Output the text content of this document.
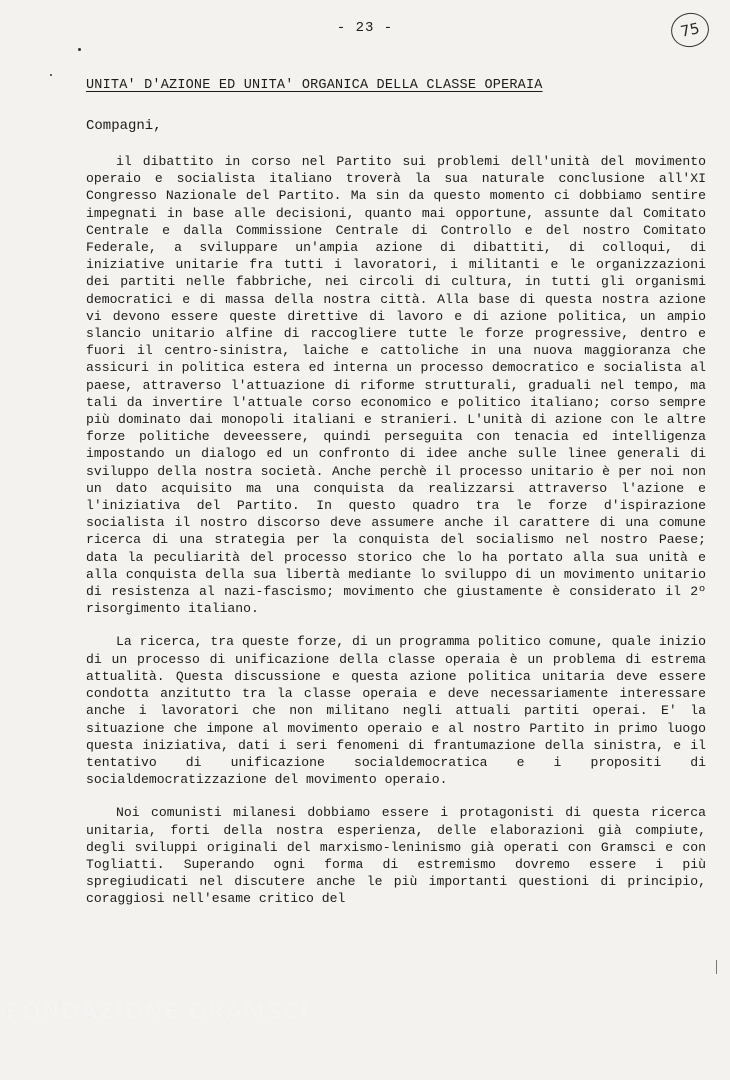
- 23 -	75
UNITA' D'AZIONE ED UNITA' ORGANICA DELLA CLASSE OPERAIA
Compagni,

il dibattito in corso nel Partito sui problemi dell'unità del movimento operaio e socialista italiano troverà la sua naturale conclusione all'XI Congresso Nazionale del Partito. Ma sin da questo momento ci dobbiamo sentire impegnati in base alle decisioni, quanto mai opportune, assunte dal Comitato Centrale e dalla Commissione Centrale di Controllo e del nostro Comitato Federale, a sviluppare un'ampia azione di dibattiti, di colloqui, di iniziative unitarie fra tutti i lavoratori, i militanti e le organizzazioni dei partiti nelle fabbriche, nei circoli di cultura, in tutti gli organismi democratici e di massa della nostra città. Alla base di questa nostra azione vi devono essere queste direttive di lavoro e di azione politica, un ampio slancio unitario alfine di raccogliere tutte le forze progressive, dentro e fuori il centro-sinistra, laiche e cattoliche in una nuova maggioranza che assicuri in politica estera ed interna un processo democratico e socialista al paese, attraverso l'attuazione di riforme strutturali, graduali nel tempo, ma tali da invertire l'attuale corso economico e politico italiano; corso sempre più dominato dai monopoli italiani e stranieri. L'unità di azione con le altre forze politiche deveessere, quindi perseguita con tenacia ed intelligenza impostando un dialogo ed un confronto di idee anche sulle linee generali di sviluppo della nostra società. Anche perchè il processo unitario è per noi non un dato acquisito ma una conquista da realizzarsi attraverso l'azione e l'iniziativa del Partito. In questo quadro tra le forze d'ispirazione socialista il nostro discorso deve assumere anche il carattere di una comune ricerca di una strategia per la conquista del socialismo nel nostro Paese; data la peculiarità del processo storico che lo ha portato alla sua unità e alla conquista della sua libertà mediante lo sviluppo di un movimento unitario di resistenza al nazi-fascismo; movimento che giustamente è considerato il 2º risorgimento italiano.

La ricerca, tra queste forze, di un programma politico comune, quale inizio di un processo di unificazione della classe operaia è un problema di estrema attualità. Questa discussione e questa azione politica unitaria deve essere condotta anzitutto tra la classe operaia e deve necessariamente interessare anche i lavoratori che non militano negli attuali partiti operai. E' la situazione che impone al movimento operaio e al nostro Partito in primo luogo questa iniziativa, dati i seri fenomeni di frantumazione della sinistra, e il tentativo di unificazione socialdemocratica e i propositi di socialdemocratizzazione del movimento operaio.

Noi comunisti milanesi dobbiamo essere i protagonisti di questa ricerca unitaria, forti della nostra esperienza, delle elaborazioni già compiute, degli sviluppi originali del marxismo-leninismo già operati con Gramsci e con Togliatti. Superando ogni forma di estremismo dovremo essere i più spregiudicati nel discutere anche le più importanti questioni di principio, coraggiosi nell'esame critico del

FONDAZIONE GRAMSCI
